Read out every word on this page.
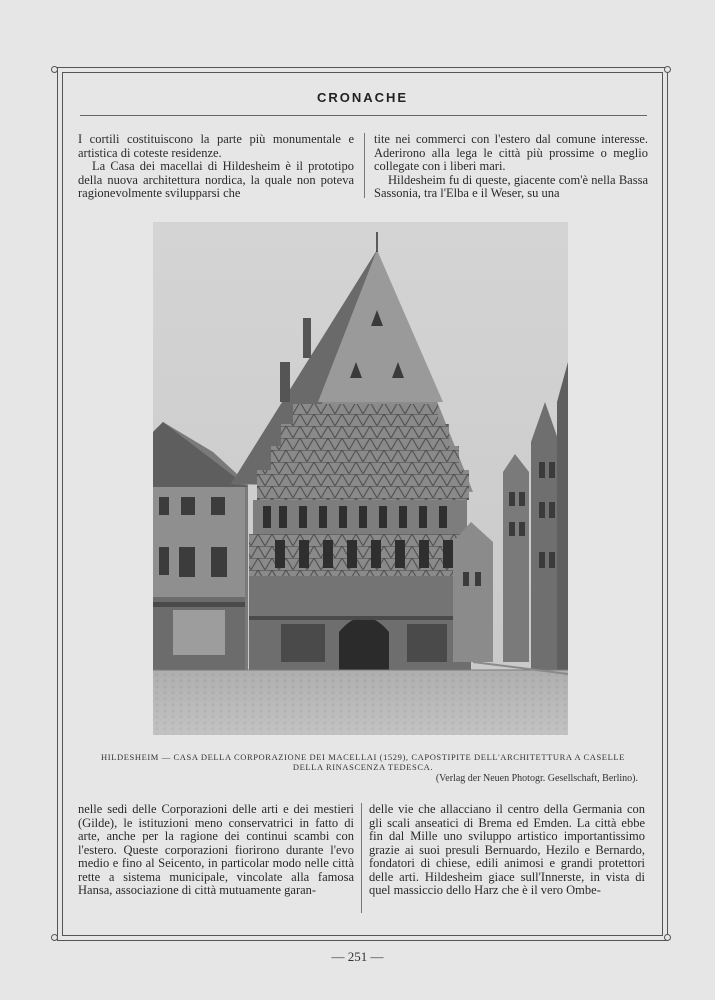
CRONACHE

I cortili costituiscono la parte più monumentale e artistica di coteste residenze.

La Casa dei macellai di Hildesheim è il prototipo della nuova architettura nordica, la quale non poteva ragionevolmente svilupparsi che

tite nei commerci con l'estero dal comune interesse. Aderirono alla lega le città più prossime o meglio collegate con i liberi mari.

Hildesheim fu di queste, giacente com'è nella Bassa Sassonia, tra l'Elba e il Weser, su una

HILDESHEIM — CASA DELLA CORPORAZIONE DEI MACELLAI (1529), CAPOSTIPITE DELL'ARCHITETTURA A CASELLE
DELLA RINASCENZA TEDESCA.
(Verlag der Neuen Photogr. Gesellschaft, Berlino).

nelle sedi delle Corporazioni delle arti e dei mestieri (Gilde), le istituzioni meno conservatrici in fatto di arte, anche per la ragione dei continui scambi con l'estero. Queste corporazioni fiorirono durante l'evo medio e fino al Seicento, in particolar modo nelle città rette a sistema municipale, vincolate alla famosa Hansa, associazione di città mutuamente garan-

delle vie che allacciano il centro della Germania con gli scali anseatici di Brema ed Emden. La città ebbe fin dal Mille uno sviluppo artistico importantissimo grazie ai suoi presuli Bernuardo, Hezilo e Bernardo, fondatori di chiese, edili animosi e grandi protettori delle arti. Hildesheim giace sull'Innerste, in vista di quel massiccio dello Harz che è il vero Ombe-

— 251 —
